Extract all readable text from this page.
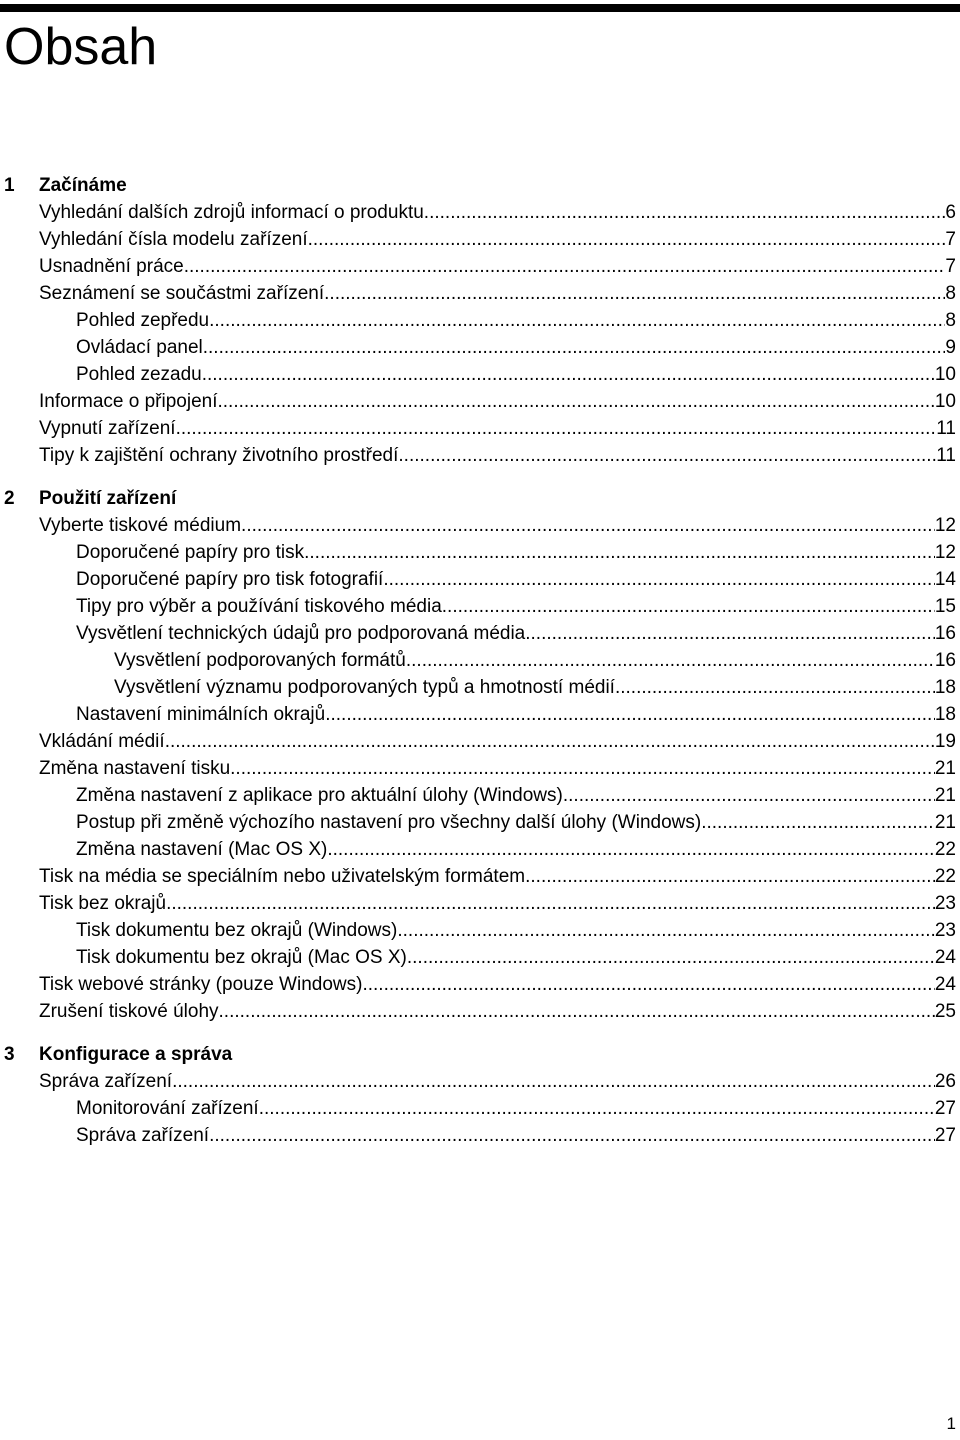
Obsah
1 Začínáme
Vyhledání dalších zdrojů informací o produktu .....	6
Vyhledání čísla modelu zařízení .....	7
Usnadnění práce .....	7
Seznámení se součástmi zařízení .....	8
Pohled zepředu .....	8
Ovládací panel .....	9
Pohled zezadu .....	10
Informace o připojení .....	10
Vypnutí zařízení .....	11
Tipy k zajištění ochrany životního prostředí .....	11
2 Použití zařízení
Vyberte tiskové médium .....	12
Doporučené papíry pro tisk .....	12
Doporučené papíry pro tisk fotografií .....	14
Tipy pro výběr a používání tiskového média .....	15
Vysvětlení technických údajů pro podporovaná média .....	16
Vysvětlení podporovaných formátů .....	16
Vysvětlení významu podporovaných typů a hmotností médií .....	18
Nastavení minimálních okrajů .....	18
Vkládání médií .....	19
Změna nastavení tisku .....	21
Změna nastavení z aplikace pro aktuální úlohy (Windows) .....	21
Postup při změně výchozího nastavení pro všechny další úlohy (Windows) .....	21
Změna nastavení (Mac OS X) .....	22
Tisk na média se speciálním nebo uživatelským formátem .....	22
Tisk bez okrajů .....	23
Tisk dokumentu bez okrajů (Windows) .....	23
Tisk dokumentu bez okrajů (Mac OS X) .....	24
Tisk webové stránky (pouze Windows) .....	24
Zrušení tiskové úlohy .....	25
3 Konfigurace a správa
Správa zařízení .....	26
Monitorování zařízení .....	27
Správa zařízení .....	27
1
